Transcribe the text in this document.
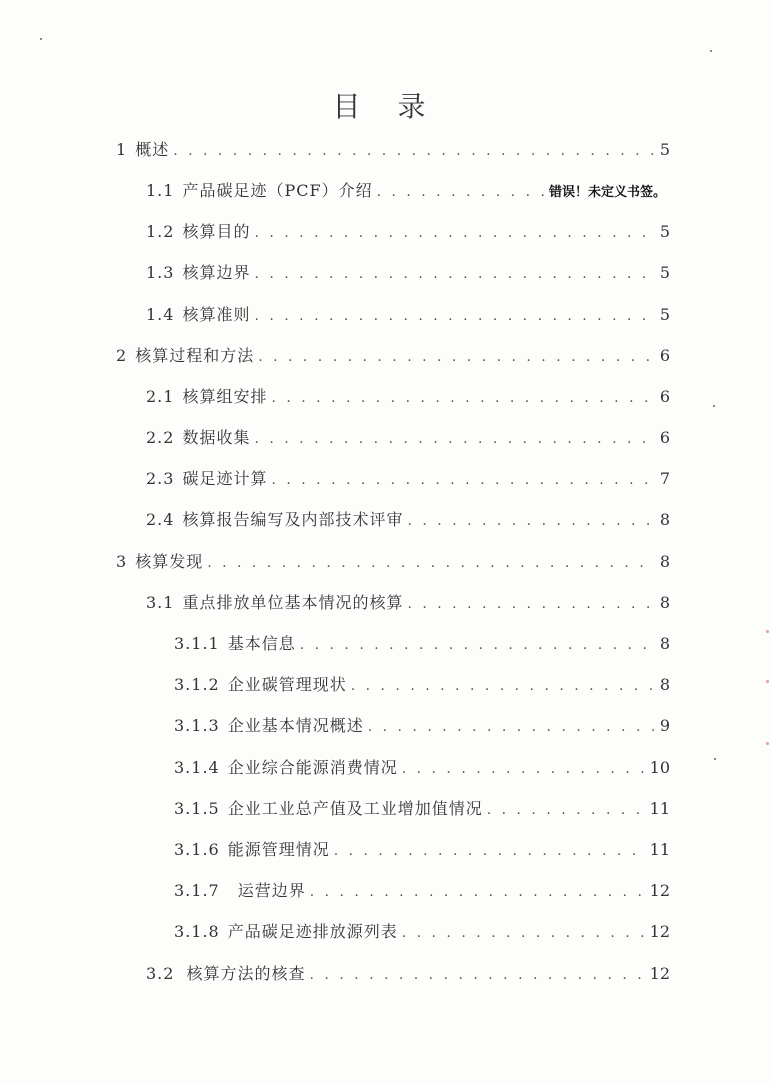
目 录
1 概述 . . .	5
1.1 产品碳足迹（PCF）介绍 . . .	错误！未定义书签。
1.2 核算目的 . . .	5
1.3 核算边界 . . .	5
1.4 核算准则 . . .	5
2 核算过程和方法 . . .	6
2.1 核算组安排 . . .	6
2.2 数据收集 . . .	6
2.3 碳足迹计算 . . .	7
2.4 核算报告编写及内部技术评审 . . .	8
3 核算发现 . . .	8
3.1 重点排放单位基本情况的核算 . . .	8
3.1.1 基本信息 . . .	8
3.1.2 企业碳管理现状 . . .	8
3.1.3 企业基本情况概述 . . .	9
3.1.4 企业综合能源消费情况 . . .	10
3.1.5 企业工业总产值及工业增加值情况 . . .	11
3.1.6 能源管理情况 . . .	11
3.1.7 运营边界 . . .	12
3.1.8 产品碳足迹排放源列表 . . .	12
3.2 核算方法的核查 . . .	12
